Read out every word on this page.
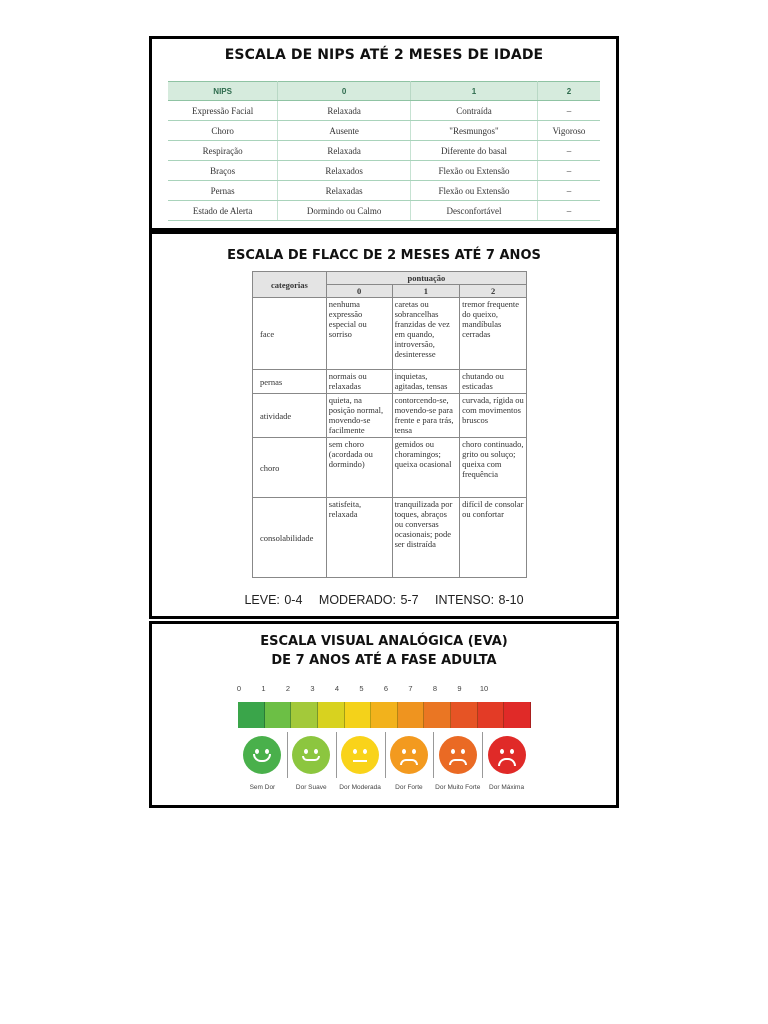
ESCALA DE NIPS ATÉ 2 MESES DE IDADE
NIPS	0	1	2
Expressão Facial	Relaxada	Contraída	–
Choro	Ausente	"Resmungos"	Vigoroso
Respiração	Relaxada	Diferente do basal	–
Braços	Relaxados	Flexão ou Extensão	–
Pernas	Relaxadas	Flexão ou Extensão	–
Estado de Alerta	Dormindo ou Calmo	Desconfortável	–
ESCALA DE FLACC DE 2 MESES ATÉ 7 ANOS
categorias	pontuação		
	0	1	2
face	nenhuma expressão especial ou sorriso	caretas ou sobrancelhas franzidas de vez em quando, introversão, desinteresse	tremor frequente do queixo, mandíbulas cerradas
pernas	normais ou relaxadas	inquietas, agitadas, tensas	chutando ou esticadas
atividade	quieta, na posição normal, movendo-se facilmente	contorcendo-se, movendo-se para frente e para trás, tensa	curvada, rígida ou com movimentos bruscos
choro	sem choro (acordada ou dormindo)	gemidos ou choramingos; queixa ocasional	choro continuado, grito ou soluço; queixa com frequência
consolabilidade	satisfeita, relaxada	tranquilizada por toques, abraços ou conversas ocasionais; pode ser distraída	difícil de consolar ou confortar
LEVE: 0-4 MODERADO: 5-7 INTENSO: 8-10
ESCALA VISUAL ANALÓGICA (EVA)
DE 7 ANOS ATÉ A FASE ADULTA
0	1	2	3	4	5	6	7	8	9 10
Sem Dor	Dor Suave Dor Moderada Dor Forte Dor Muito Forte Dor Máxima
